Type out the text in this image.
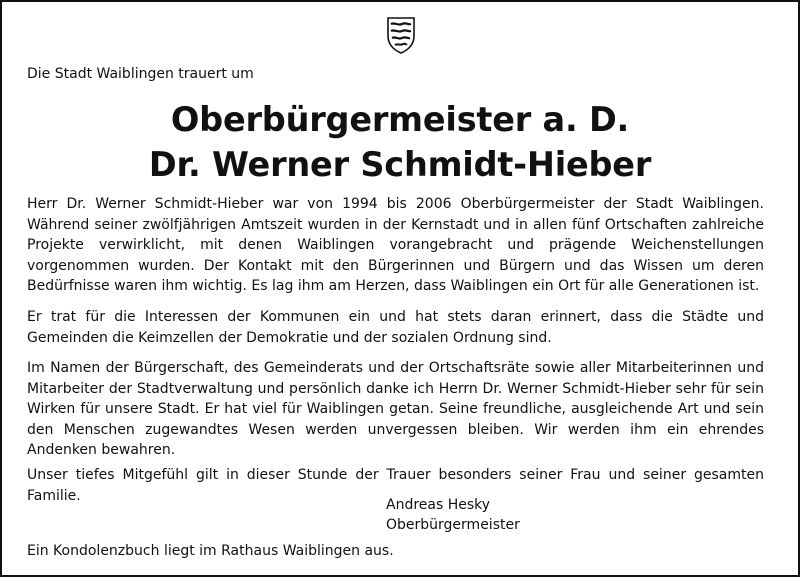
Die Stadt Waiblingen trauert um
Oberbürgermeister a. D.
Dr. Werner Schmidt-Hieber
Herr Dr. Werner Schmidt-Hieber war von 1994 bis 2006 Oberbürgermeister der Stadt Waiblingen. Während seiner zwölfjährigen Amtszeit wurden in der Kernstadt und in allen fünf Ortschaften zahlreiche Projekte verwirklicht, mit denen Waiblingen vorangebracht und prägende Weichenstellungen vorgenommen wurden. Der Kontakt mit den Bürgerinnen und Bürgern und das Wissen um deren Bedürfnisse waren ihm wichtig. Es lag ihm am Herzen, dass Waiblingen ein Ort für alle Generationen ist.
Er trat für die Interessen der Kommunen ein und hat stets daran erinnert, dass die Städte und Gemeinden die Keimzellen der Demokratie und der sozialen Ordnung sind.
Im Namen der Bürgerschaft, des Gemeinderats und der Ortschaftsräte sowie aller Mitarbeiterinnen und Mitarbeiter der Stadtverwaltung und persönlich danke ich Herrn Dr. Werner Schmidt-Hieber sehr für sein Wirken für unsere Stadt. Er hat viel für Waiblingen getan. Seine freundliche, ausgleichende Art und sein den Menschen zugewandtes Wesen werden unvergessen bleiben. Wir werden ihm ein ehrendes Andenken bewahren.
Unser tiefes Mitgefühl gilt in dieser Stunde der Trauer besonders seiner Frau und seiner gesamten Familie.
Andreas Hesky
Oberbürgermeister
Ein Kondolenzbuch liegt im Rathaus Waiblingen aus.
